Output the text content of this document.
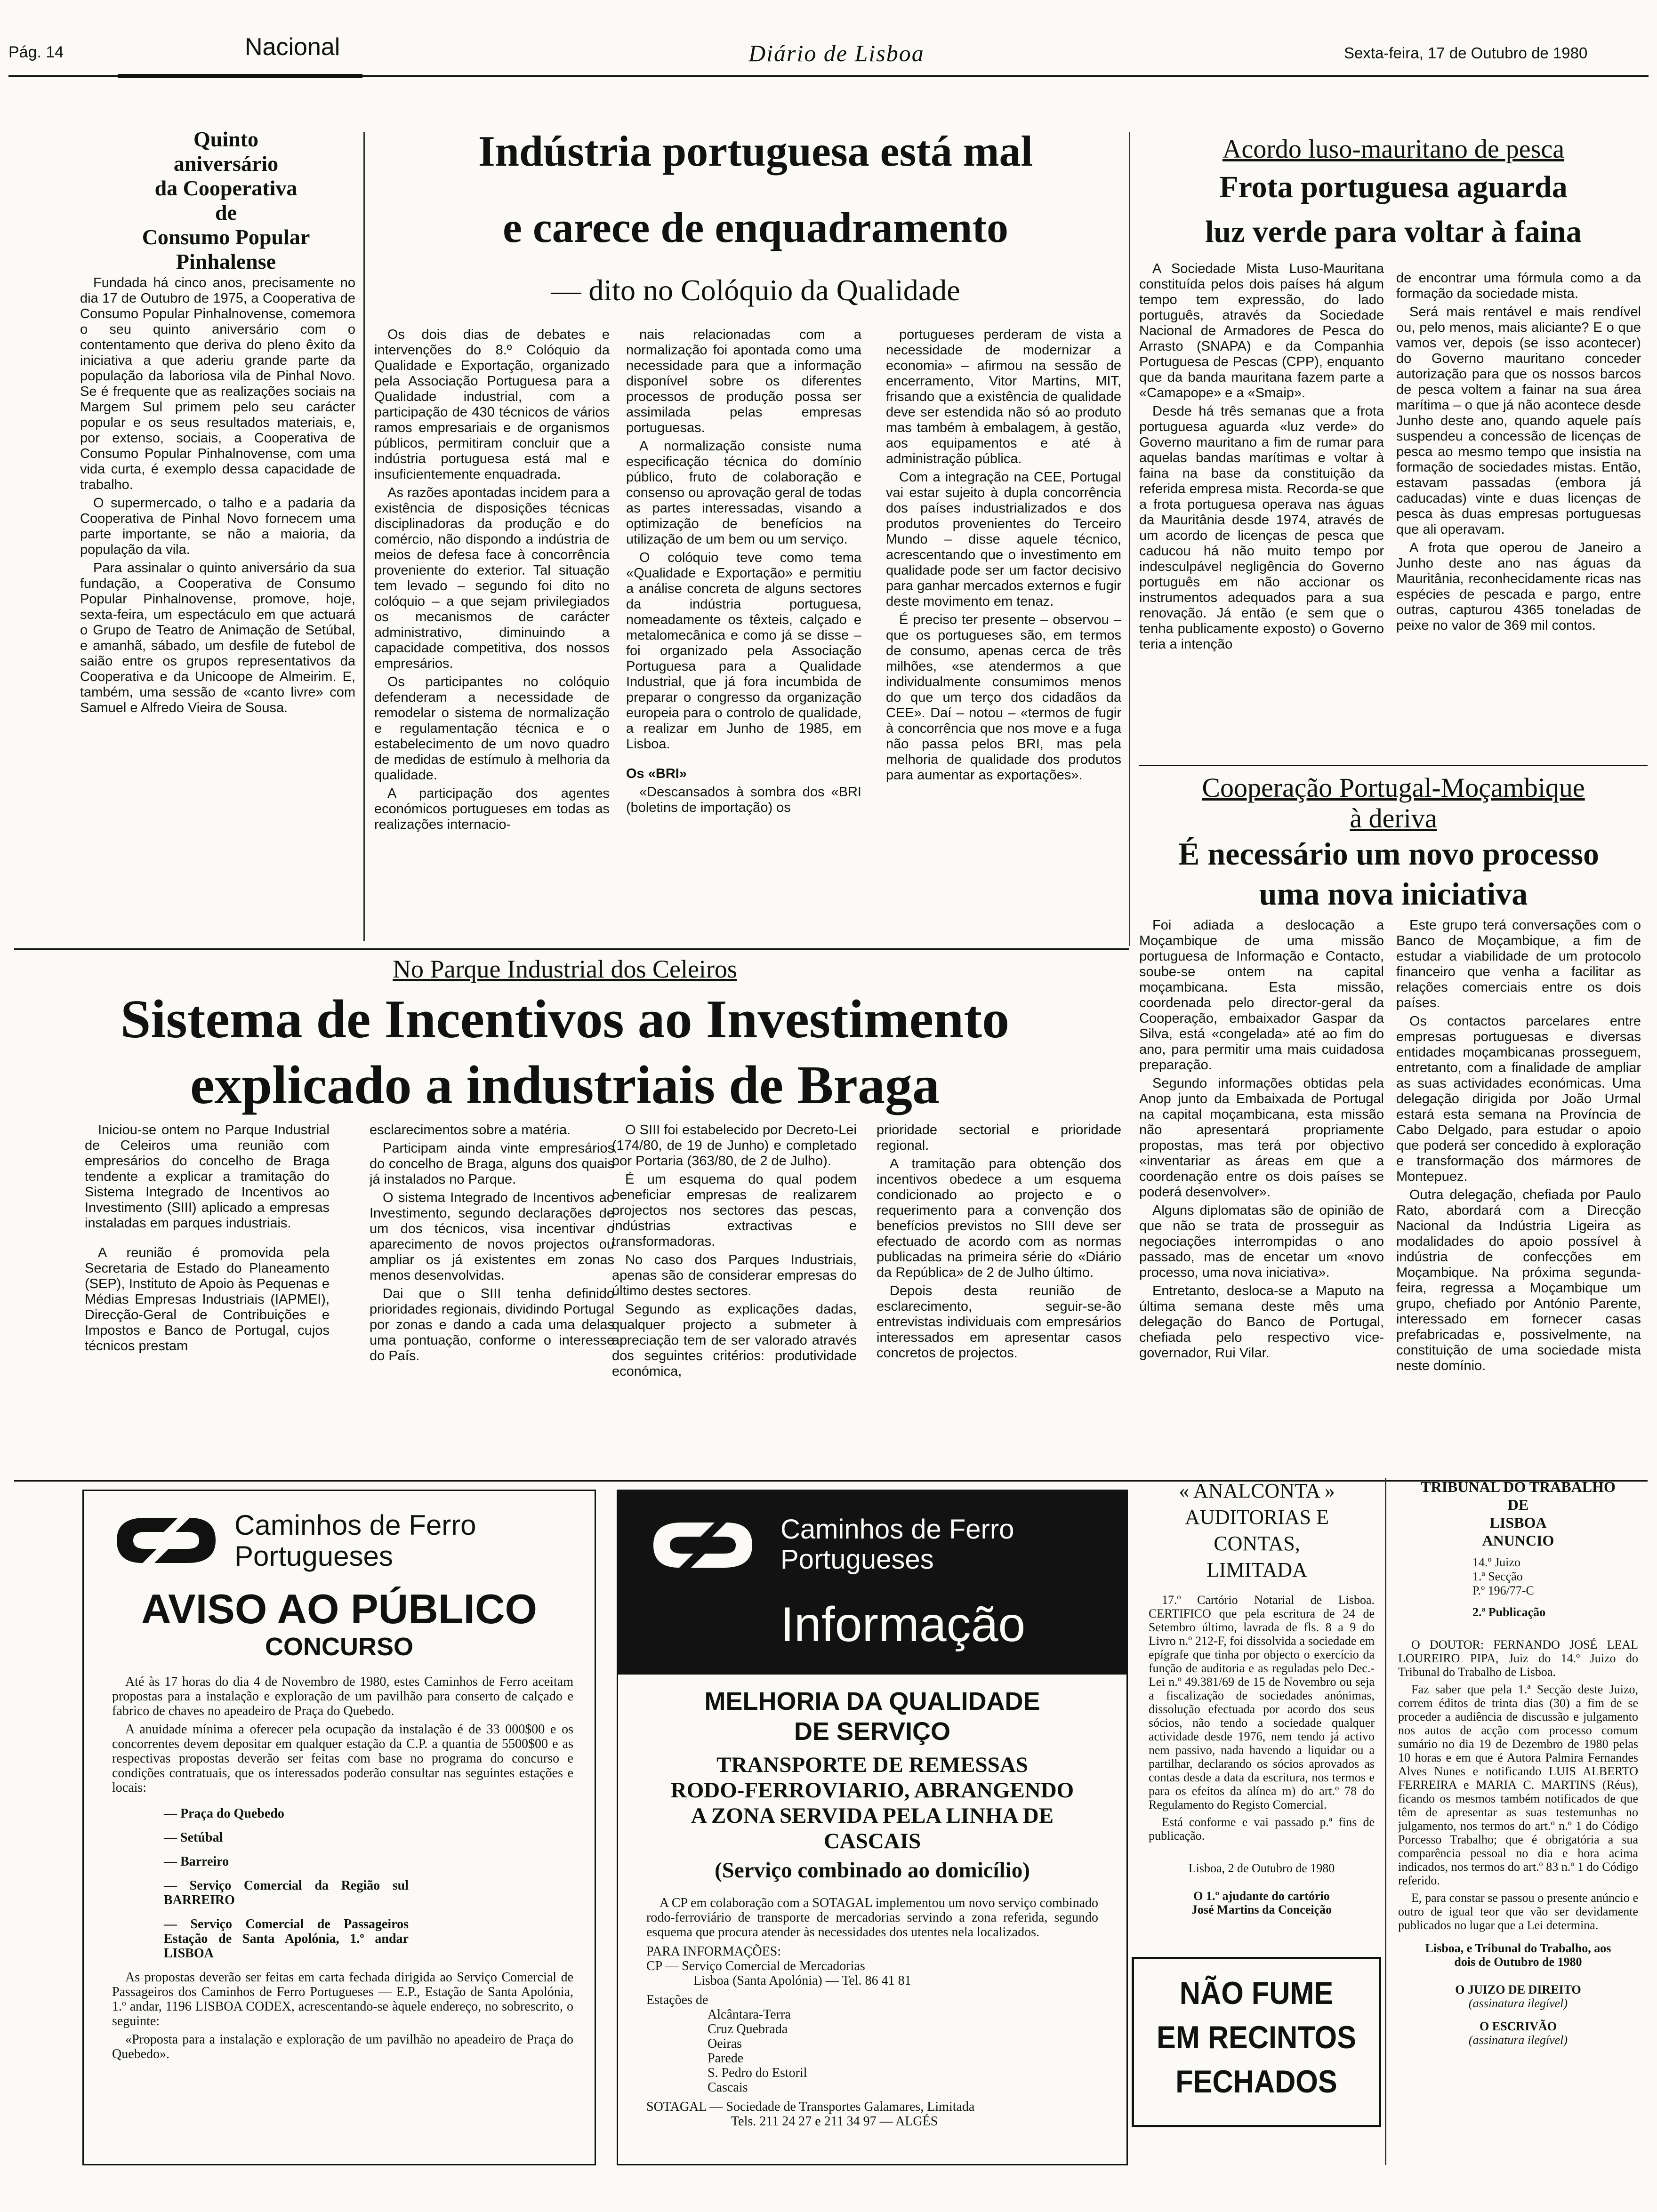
Pág. 14	Nacional	Diário de Lisboa	Sexta-feira, 17 de Outubro de 1980
Quinto
aniversário
da Cooperativa
de
Consumo Popular
Pinhalense

Fundada há cinco anos, precisamente no dia 17 de Outubro de 1975, a Cooperativa de Consumo Popular Pinhalnovense, comemora o seu quinto aniversário com o contentamento que deriva do pleno êxito da iniciativa a que aderiu grande parte da população da laboriosa vila de Pinhal Novo. Se é frequente que as realizações sociais na Margem Sul primem pelo seu carácter popular e os seus resultados materiais, e, por extenso, sociais, a Cooperativa de Consumo Popular Pinhalnovense, com uma vida curta, é exemplo dessa capacidade de trabalho.

O supermercado, o talho e a padaria da Cooperativa de Pinhal Novo fornecem uma parte importante, se não a maioria, da população da vila.

Para assinalar o quinto aniversário da sua fundação, a Cooperativa de Consumo Popular Pinhalnovense, promove, hoje, sexta-feira, um espectáculo em que actuará o Grupo de Teatro de Animação de Setúbal, e amanhã, sábado, um desfile de futebol de saião entre os grupos representativos da Cooperativa e da Unicoope de Almeirim. E, também, uma sessão de «canto livre» com Samuel e Alfredo Vieira de Sousa.

Indústria portuguesa está mal
e carece de enquadramento
— dito no Colóquio da Qualidade

Os dois dias de debates e intervenções do 8.º Colóquio da Qualidade e Exportação, organizado pela Associação Portuguesa para a Qualidade industrial, com a participação de 430 técnicos de vários ramos empresariais e de organismos públicos, permitiram concluir que a indústria portuguesa está mal e insuficientemente enquadrada.

As razões apontadas incidem para a existência de disposições técnicas disciplinadoras da produção e do comércio, não dispondo a indústria de meios de defesa face à concorrência proveniente do exterior. Tal situação tem levado – segundo foi dito no colóquio – a que sejam privilegiados os mecanismos de carácter administrativo, diminuindo a capacidade competitiva, dos nossos empresários.

Os participantes no colóquio defenderam a necessidade de remodelar o sistema de normalização e regulamentação técnica e o estabelecimento de um novo quadro de medidas de estímulo à melhoria da qualidade.

A participação dos agentes económicos portugueses em todas as realizações internacio-

nais relacionadas com a normalização foi apontada como uma necessidade para que a informação disponível sobre os diferentes processos de produção possa ser assimilada pelas empresas portuguesas.

A normalização consiste numa especificação técnica do domínio público, fruto de colaboração e consenso ou aprovação geral de todas as partes interessadas, visando a optimização de benefícios na utilização de um bem ou um serviço.

O colóquio teve como tema «Qualidade e Exportação» e permitiu a análise concreta de alguns sectores da indústria portuguesa, nomeadamente os têxteis, calçado e metalomecânica e como já se disse – foi organizado pela Associação Portuguesa para a Qualidade Industrial, que já fora incumbida de preparar o congresso da organização europeia para o controlo de qualidade, a realizar em Junho de 1985, em Lisboa.

Os «BRI»

«Descansados à sombra dos «BRI (boletins de importação) os

portugueses perderam de vista a necessidade de modernizar a economia» – afirmou na sessão de encerramento, Vitor Martins, MIT, frisando que a existência de qualidade deve ser estendida não só ao produto mas também à embalagem, à gestão, aos equipamentos e até à administração pública.

Com a integração na CEE, Portugal vai estar sujeito à dupla concorrência dos países industrializados e dos produtos provenientes do Terceiro Mundo – disse aquele técnico, acrescentando que o investimento em qualidade pode ser um factor decisivo para ganhar mercados externos e fugir deste movimento em tenaz.

É preciso ter presente – observou – que os portugueses são, em termos de consumo, apenas cerca de três milhões, «se atendermos a que individualmente consumimos menos do que um terço dos cidadãos da CEE». Daí – notou – «termos de fugir à concorrência que nos move e a fuga não passa pelos BRI, mas pela melhoria de qualidade dos produtos para aumentar as exportações».

Acordo luso-mauritano de pesca
Frota portuguesa aguarda
luz verde para voltar à faina

A Sociedade Mista Luso-Mauritana constituída pelos dois países há algum tempo tem expressão, do lado português, através da Sociedade Nacional de Armadores de Pesca do Arrasto (SNAPA) e da Companhia Portuguesa de Pescas (CPP), enquanto que da banda mauritana fazem parte a «Camapope» e a «Smaip».

Desde há três semanas que a frota portuguesa aguarda «luz verde» do Governo mauritano a fim de rumar para aquelas bandas marítimas e voltar à faina na base da constituição da referida empresa mista. Recorda-se que a frota portuguesa operava nas águas da Mauritânia desde 1974, através de um acordo de licenças de pesca que caducou há não muito tempo por indesculpável negligência do Governo português em não accionar os instrumentos adequados para a sua renovação. Já então (e sem que o tenha publicamente exposto) o Governo teria a intenção

de encontrar uma fórmula como a da formação da sociedade mista.

Será mais rentável e mais rendível ou, pelo menos, mais aliciante? E o que vamos ver, depois (se isso acontecer) do Governo mauritano conceder autorização para que os nossos barcos de pesca voltem a fainar na sua área marítima – o que já não acontece desde Junho deste ano, quando aquele país suspendeu a concessão de licenças de pesca ao mesmo tempo que insistia na formação de sociedades mistas. Então, estavam passadas (embora já caducadas) vinte e duas licenças de pesca às duas empresas portuguesas que ali operavam.

A frota que operou de Janeiro a Junho deste ano nas águas da Mauritânia, reconhecidamente ricas nas espécies de pescada e pargo, entre outras, capturou 4365 toneladas de peixe no valor de 369 mil contos.

Cooperação Portugal-Moçambique
à deriva
É necessário um novo processo
uma nova iniciativa

Foi adiada a deslocação a Moçambique de uma missão portuguesa de Informação e Contacto, soube-se ontem na capital moçambicana. Esta missão, coordenada pelo director-geral da Cooperação, embaixador Gaspar da Silva, está «congelada» até ao fim do ano, para permitir uma mais cuidadosa preparação.

Segundo informações obtidas pela Anop junto da Embaixada de Portugal na capital moçambicana, esta missão não apresentará propriamente propostas, mas terá por objectivo «inventariar as áreas em que a coordenação entre os dois países se poderá desenvolver».

Alguns diplomatas são de opinião de que não se trata de prosseguir as negociações interrompidas o ano passado, mas de encetar um «novo processo, uma nova iniciativa».

Entretanto, desloca-se a Maputo na última semana deste mês uma delegação do Banco de Portugal, chefiada pelo respectivo vice-governador, Rui Vilar.

Este grupo terá conversações com o Banco de Moçambique, a fim de estudar a viabilidade de um protocolo financeiro que venha a facilitar as relações comerciais entre os dois países.

Os contactos parcelares entre empresas portuguesas e diversas entidades moçambicanas prosseguem, entretanto, com a finalidade de ampliar as suas actividades económicas. Uma delegação dirigida por João Urmal estará esta semana na Província de Cabo Delgado, para estudar o apoio que poderá ser concedido à exploração e transformação dos mármores de Montepuez.

Outra delegação, chefiada por Paulo Rato, abordará com a Direcção Nacional da Indústria Ligeira as modalidades do apoio possível à indústria de confecções em Moçambique. Na próxima segunda-feira, regressa a Moçambique um grupo, chefiado por António Parente, interessado em fornecer casas prefabricadas e, possivelmente, na constituição de uma sociedade mista neste domínio.

No Parque Industrial dos Celeiros
Sistema de Incentivos ao Investimento
explicado a industriais de Braga

Iniciou-se ontem no Parque Industrial de Celeiros uma reunião com empresários do concelho de Braga tendente a explicar a tramitação do Sistema Integrado de Incentivos ao Investimento (SIII) aplicado a empresas instaladas em parques industriais.

A reunião é promovida pela Secretaria de Estado do Planeamento (SEP), Instituto de Apoio às Pequenas e Médias Empresas Industriais (IAPMEI), Direcção-Geral de Contribuições e Impostos e Banco de Portugal, cujos técnicos prestam

esclarecimentos sobre a matéria.

Participam ainda vinte empresários do concelho de Braga, alguns dos quais já instalados no Parque.

O sistema Integrado de Incentivos ao Investimento, segundo declarações de um dos técnicos, visa incentivar o aparecimento de novos projectos ou ampliar os já existentes em zonas menos desenvolvidas.

Dai que o SIII tenha definido prioridades regionais, dividindo Portugal por zonas e dando a cada uma delas uma pontuação, conforme o interesse do País.

O SIII foi estabelecido por Decreto-Lei (174/80, de 19 de Junho) e completado por Portaria (363/80, de 2 de Julho).

É um esquema do qual podem beneficiar empresas de realizarem projectos nos sectores das pescas, indústrias extractivas e transformadoras.

No caso dos Parques Industriais, apenas são de considerar empresas do último destes sectores.

Segundo as explicações dadas, qualquer projecto a submeter à apreciação tem de ser valorado através dos seguintes critérios: produtividade económica,

prioridade sectorial e prioridade regional.

A tramitação para obtenção dos incentivos obedece a um esquema condicionado ao projecto e o requerimento para a convenção dos benefícios previstos no SIII deve ser efectuado de acordo com as normas publicadas na primeira série do «Diário da República» de 2 de Julho último.

Depois desta reunião de esclarecimento, seguir-se-ão entrevistas individuais com empresários interessados em apresentar casos concretos de projectos.

Caminhos de Ferro
Portugueses
AVISO AO PÚBLICO
CONCURSO

Até às 17 horas do dia 4 de Novembro de 1980, estes Caminhos de Ferro aceitam propostas para a instalação e exploração de um pavilhão para conserto de calçado e fabrico de chaves no apeadeiro de Praça do Quebedo.

A anuidade mínima a oferecer pela ocupação da instalação é de 33 000$00 e os concorrentes devem depositar em qualquer estação da C.P. a quantia de 5500$00 e as respectivas propostas deverão ser feitas com base no programa do concurso e condições contratuais, que os interessados poderão consultar nas seguintes estações e locais:

— Praça do Quebedo
— Setúbal
— Barreiro
— Serviço Comercial da Região sul BARREIRO
— Serviço Comercial de Passageiros Estação de Santa Apolónia, 1.º andar LISBOA

As propostas deverão ser feitas em carta fechada dirigida ao Serviço Comercial de Passageiros dos Caminhos de Ferro Portugueses — E.P., Estação de Santa Apolónia, 1.º andar, 1196 LISBOA CODEX, acrescentando-se àquele endereço, no sobrescrito, o seguinte:

«Proposta para a instalação e exploração de um pavilhão no apeadeiro de Praça do Quebedo».

Caminhos de Ferro
Portugueses
Informação
MELHORIA DA QUALIDADE
DE SERVIÇO
TRANSPORTE DE REMESSAS
RODO-FERROVIARIO, ABRANGENDO
A ZONA SERVIDA PELA LINHA DE
CASCAIS
(Serviço combinado ao domicílio)

A CP em colaboração com a SOTAGAL implementou um novo serviço combinado rodo-ferroviário de transporte de mercadorias servindo a zona referida, segundo esquema que procura atender às necessidades dos utentes nela localizados.

PARA INFORMAÇÕES:
CP — Serviço Comercial de Mercadorias
Lisboa (Santa Apolónia) — Tel. 86 41 81
Estações de
Alcântara-Terra
Cruz Quebrada
Oeiras
Parede
S. Pedro do Estoril
Cascais
SOTAGAL — Sociedade de Transportes Galamares, Limitada
Tels. 211 24 27 e 211 34 97 — ALGÉS
« ANALCONTA »
AUDITORIAS E
CONTAS,
LIMITADA

17.º Cartório Notarial de Lisboa. CERTIFICO que pela escritura de 24 de Setembro último, lavrada de fls. 8 a 9 do Livro n.º 212-F, foi dissolvida a sociedade em epígrafe que tinha por objecto o exercício da função de auditoria e as reguladas pelo Dec.-Lei n.º 49.381/69 de 15 de Novembro ou seja a fiscalização de sociedades anónimas, dissolução efectuada por acordo dos seus sócios, não tendo a sociedade qualquer actividade desde 1976, nem tendo já activo nem passivo, nada havendo a liquidar ou a partilhar, declarando os sócios aprovados as contas desde a data da escritura, nos termos e para os efeitos da alínea m) do art.º 78 do Regulamento do Registo Comercial.

Está conforme e vai passado p.ª fins de publicação.

Lisboa, 2 de Outubro de 1980
O 1.º ajudante do cartório
José Martins da Conceição
NÃO FUME
EM RECINTOS
FECHADOS
TRIBUNAL DO TRABALHO
DE
LISBOA
ANUNCIO
14.º Juizo
1.ª Secção
P.º 196/77-C
2.ª Publicação

O DOUTOR: FERNANDO JOSÉ LEAL LOUREIRO PIPA, Juiz do 14.º Juizo do Tribunal do Trabalho de Lisboa.

Faz saber que pela 1.ª Secção deste Juizo, correm éditos de trinta dias (30) a fim de se proceder a audiência de discussão e julgamento nos autos de acção com processo comum sumário no dia 19 de Dezembro de 1980 pelas 10 horas e em que é Autora Palmira Fernandes Alves Nunes e notificando LUIS ALBERTO FERREIRA e MARIA C. MARTINS (Réus), ficando os mesmos também notificados de que têm de apresentar as suas testemunhas no julgamento, nos termos do art.º n.º 1 do Código Porcesso Trabalho; que é obrigatória a sua comparência pessoal no dia e hora acima indicados, nos termos do art.º 83 n.º 1 do Código referido.

E, para constar se passou o presente anúncio e outro de igual teor que vão ser devidamente publicados no lugar que a Lei determina.

Lisboa, e Tribunal do Trabalho, aos
dois de Outubro de 1980
O JUIZO DE DIREITO
(assinatura ilegível)
O ESCRIVÃO
(assinatura ilegível)
